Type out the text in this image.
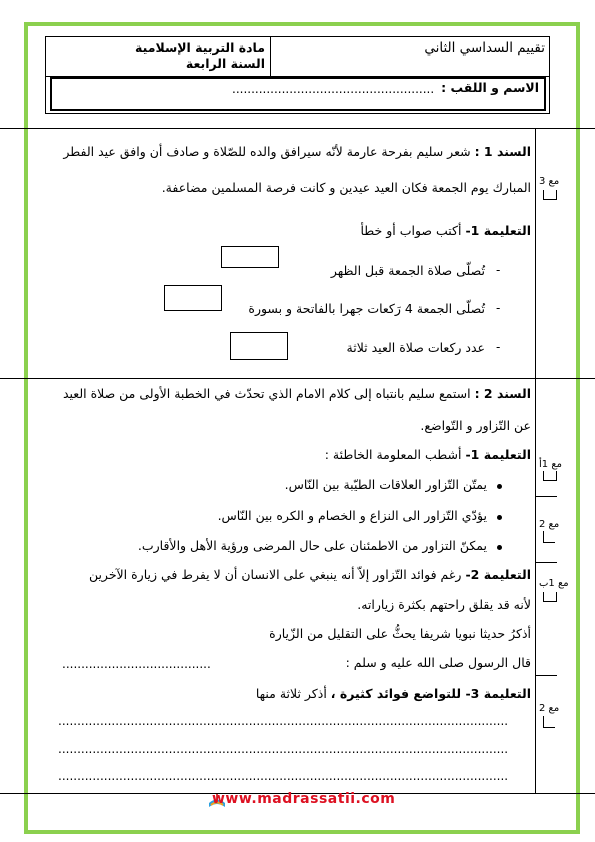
تقييم السداسي الثاني
مادة التربية الإسلامية
السنة الرابعة
الاسم و اللقب :
.....................................................
السند 1 : شعر سليم بفرحة عارمة لأنّه سيرافق والده للصّلاة و صادف أن وافق عيد الفطر
المبارك يوم الجمعة فكان العيد عيدين و كانت فرصة المسلمين مضاعفة.
التعليمة 1- أكتب صواب أو خطأ
-
تُصلّى صلاة الجمعة قبل الظهر
-
تُصلّى الجمعة 4 رَكعات جهرا بالفاتحة و بسورة
-
عدد ركعات صلاة العيد ثلاثة
مع 3
السند 2 : استمع سليم بانتباه إلى كلام الامام الذي تحدّث في الخطبة الأولى من صلاة العيد
عن التّزاور و التّواضع.
التعليمة 1- أشطب المعلومة الخاطئة :
يمتّن التّزاور العلاقات الطيّبة بين النّاس.
يؤدّي التّزاور الى النزاع و الخصام و الكره بين النّاس.
يمكنّ التزاور من الاطمئنان على حال المرضى ورؤية الأهل والأقارب.
التعليمة 2- رغم فوائد التّزاور إلاّ أنه ينبغي على الانسان أن لا يفرط في زيارة الآخرين
لأنه قد يقلق راحتهم بكثرة زياراته.
أذكرُ حديثا نبويا شريفا يحثُّ على التقليل من الزّيارة
قال الرسول صلى الله عليه و سلم :
.......................................
التعليمة 3- للتواضع فوائد كثيرة ، أذكر ثلاثة منها
......................................................................................................................
......................................................................................................................
......................................................................................................................
مع 1أ
مع 2
مع 1ب
مع 2
www.madrassatii.com
